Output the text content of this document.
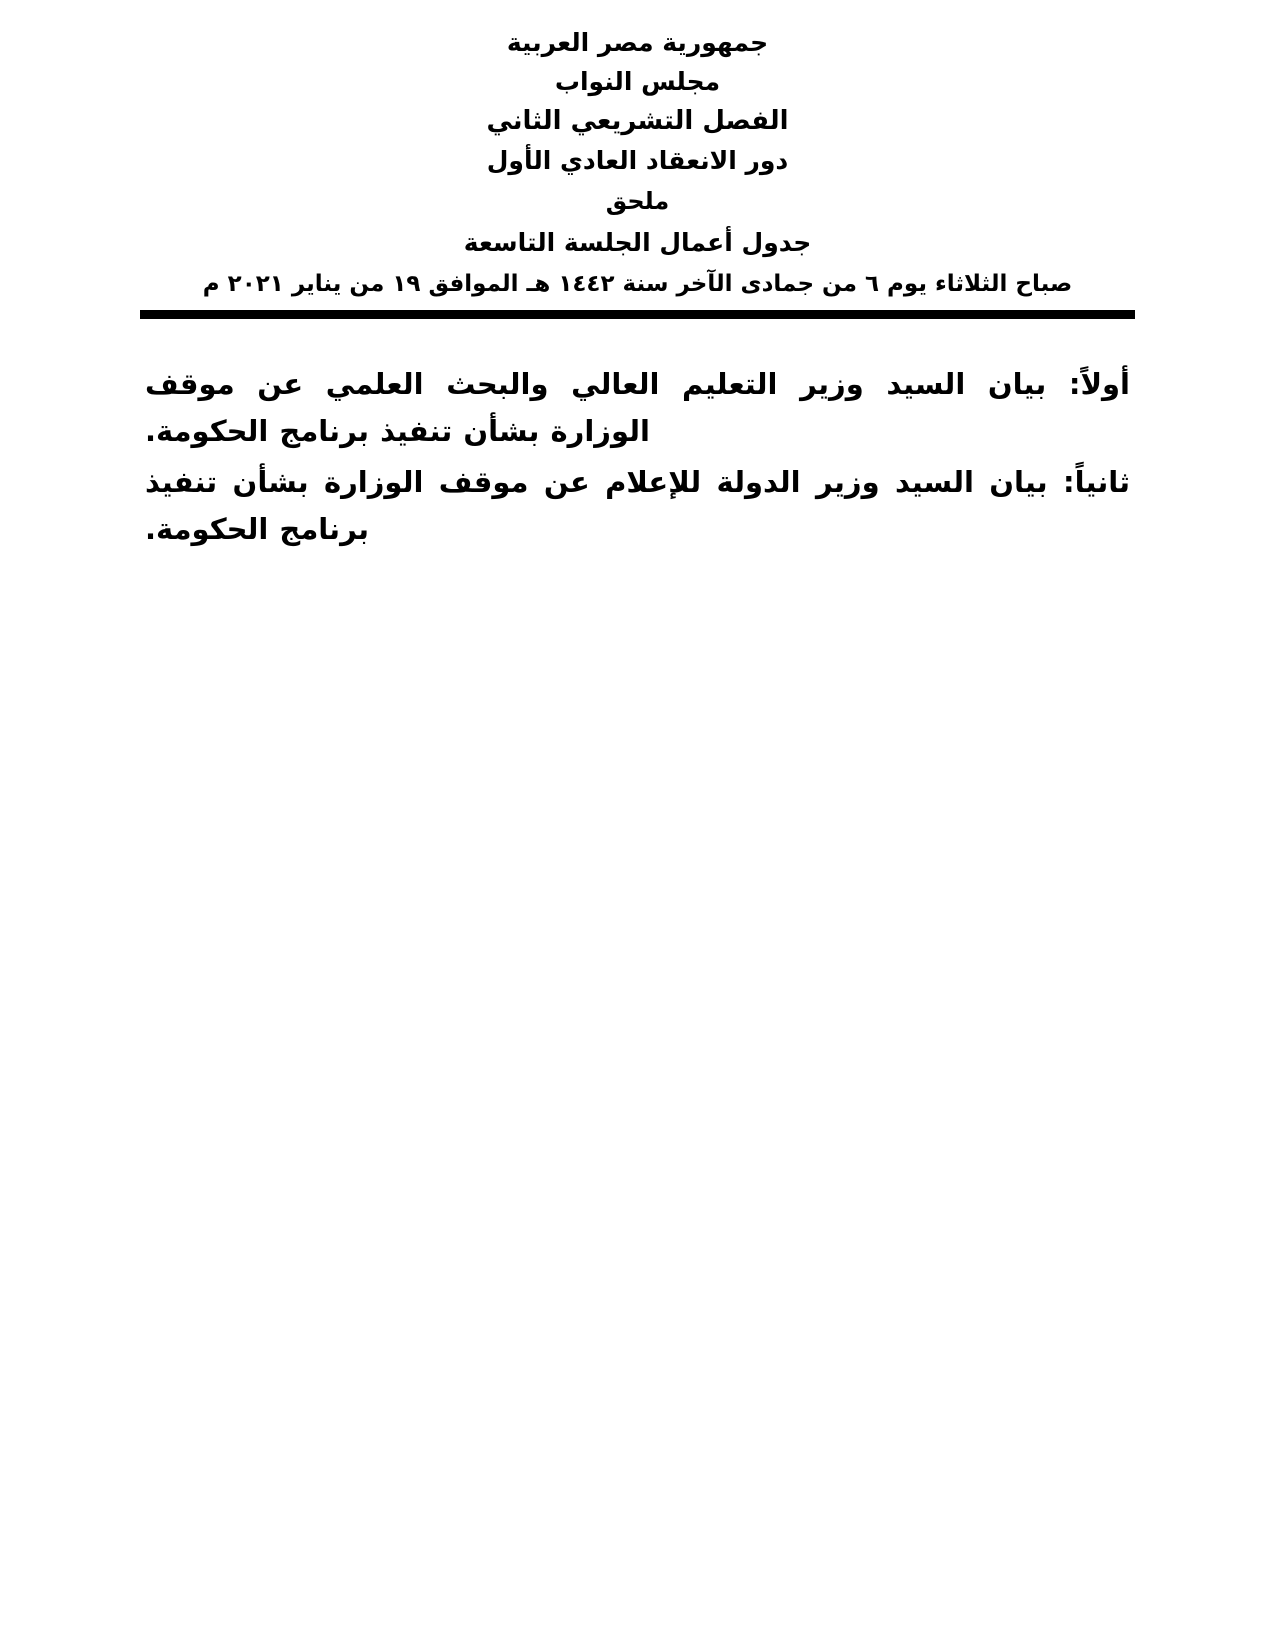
جمهورية مصر العربية
مجلس النواب
الفصل التشريعي الثاني
دور الانعقاد العادي الأول
ملحق
جدول أعمال الجلسة التاسعة
صباح الثلاثاء يوم ٦ من جمادى الآخر سنة ١٤٤٢ هـ الموافق ١٩ من يناير ٢٠٢١ م
أولاً: بيان السيد وزير التعليم العالي والبحث العلمي عن موقف
الوزارة بشأن تنفيذ برنامج الحكومة.
ثانياً: بيان السيد وزير الدولة للإعلام عن موقف الوزارة بشأن تنفيذ
برنامج الحكومة.
